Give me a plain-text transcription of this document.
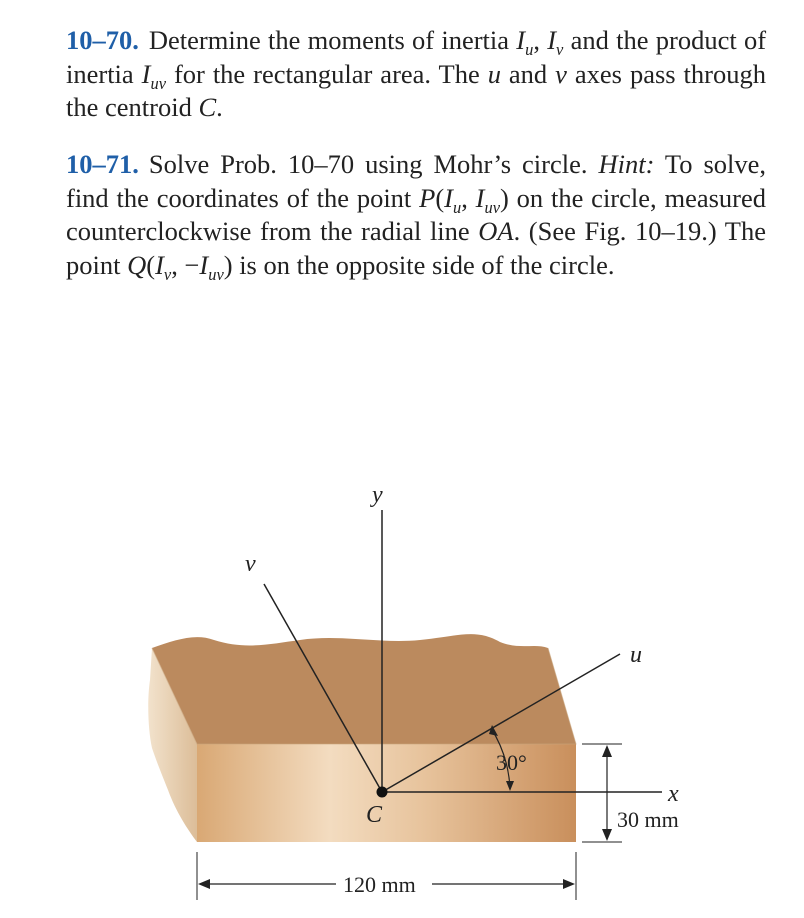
10–70. Determine the moments of inertia $I_u$, $I_v$ and the product of inertia $I_{uv}$ for the rectangular area. The u and v axes pass through the centroid C.
10–71. Solve Prob. 10–70 using Mohr’s circle. Hint: To solve, find the coordinates of the point $P(I_u$, $I_{uv}$) on the circle, measured counterclockwise from the radial line OA. (See Fig. 10–19.) The point $Q(I_v$, $-I_{uv}$) is on the opposite side of the circle.
30°
y
v
u
x
C	30 mm
120 mm
